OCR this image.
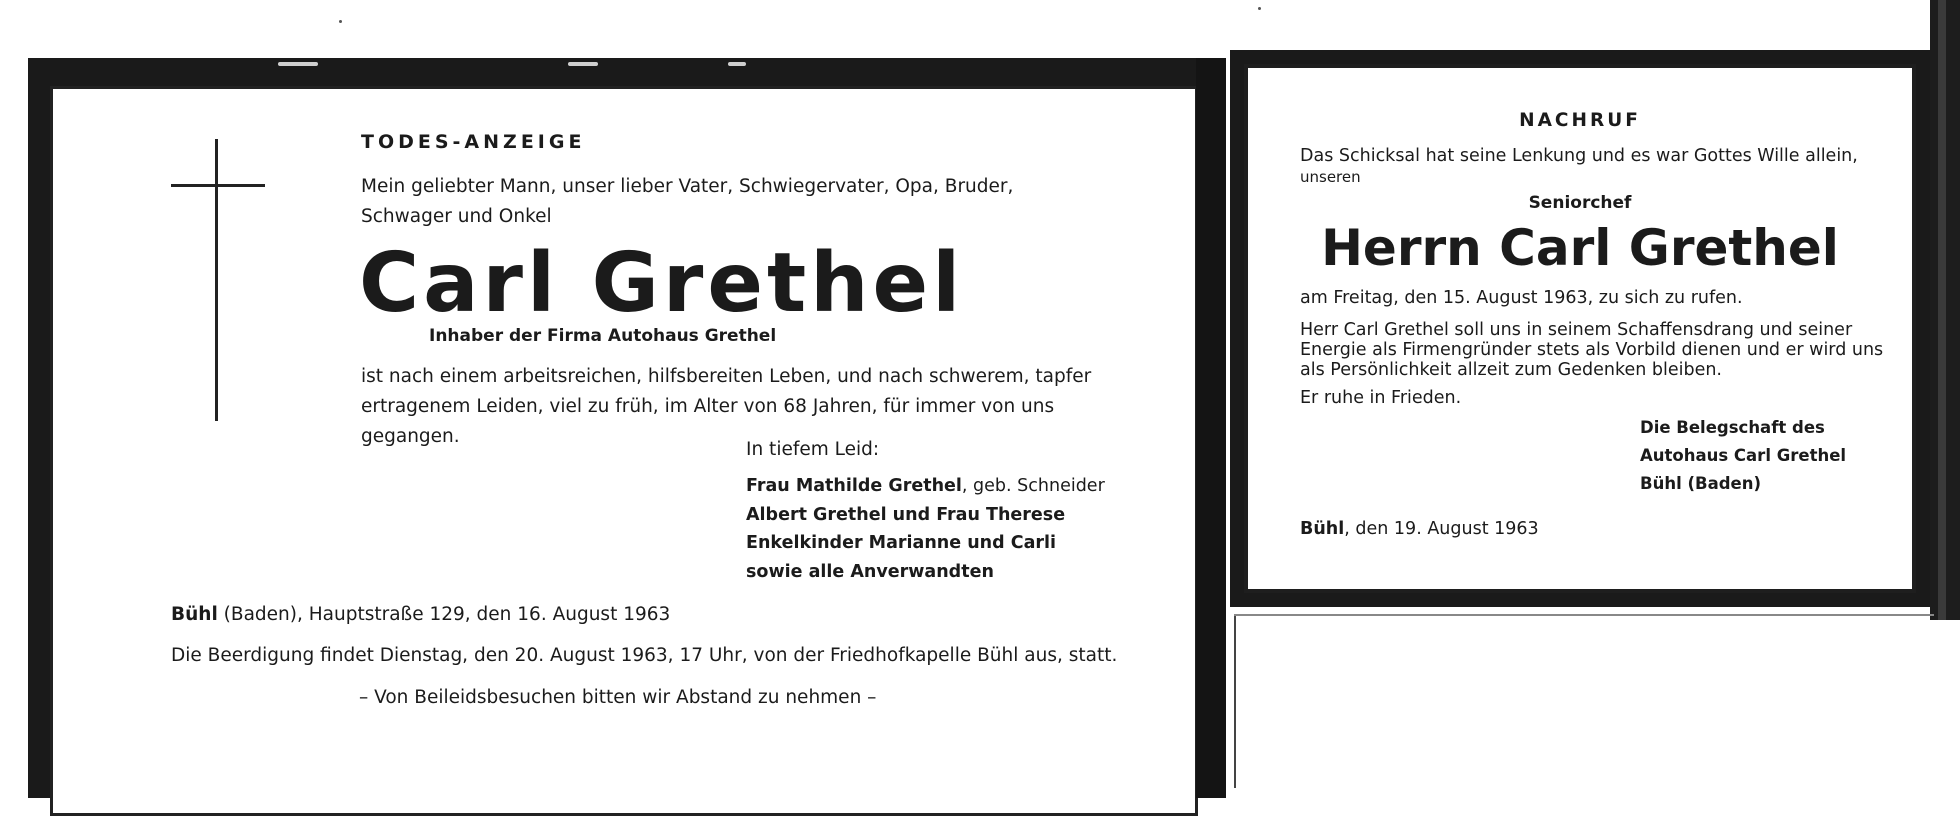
TODES-ANZEIGE
Mein geliebter Mann, unser lieber Vater, Schwiegervater, Opa, Bruder, Schwager und Onkel
Carl Grethel
Inhaber der Firma Autohaus Grethel
ist nach einem arbeitsreichen, hilfsbereiten Leben, und nach schwerem, tapfer ertragenem Leiden, viel zu früh, im Alter von 68 Jahren, für immer von uns gegangen.
In tiefem Leid:
Frau Mathilde Grethel, geb. Schneider
Albert Grethel und Frau Therese
Enkelkinder Marianne und Carli
sowie alle Anverwandten
Bühl (Baden), Hauptstraße 129, den 16. August 1963
Die Beerdigung findet Dienstag, den 20. August 1963, 17 Uhr, von der Friedhofkapelle Bühl aus, statt.
– Von Beileidsbesuchen bitten wir Abstand zu nehmen –
NACHRUF
Das Schicksal hat seine Lenkung und es war Gottes Wille allein,
unseren
Seniorchef
Herrn Carl Grethel
am Freitag, den 15. August 1963, zu sich zu rufen.
Herr Carl Grethel soll uns in seinem Schaffensdrang und seiner Energie als Firmengründer stets als Vorbild dienen und er wird uns als Persönlichkeit allzeit zum Gedenken bleiben.
Er ruhe in Frieden.
Die Belegschaft des
Autohaus Carl Grethel
Bühl (Baden)
Bühl, den 19. August 1963
